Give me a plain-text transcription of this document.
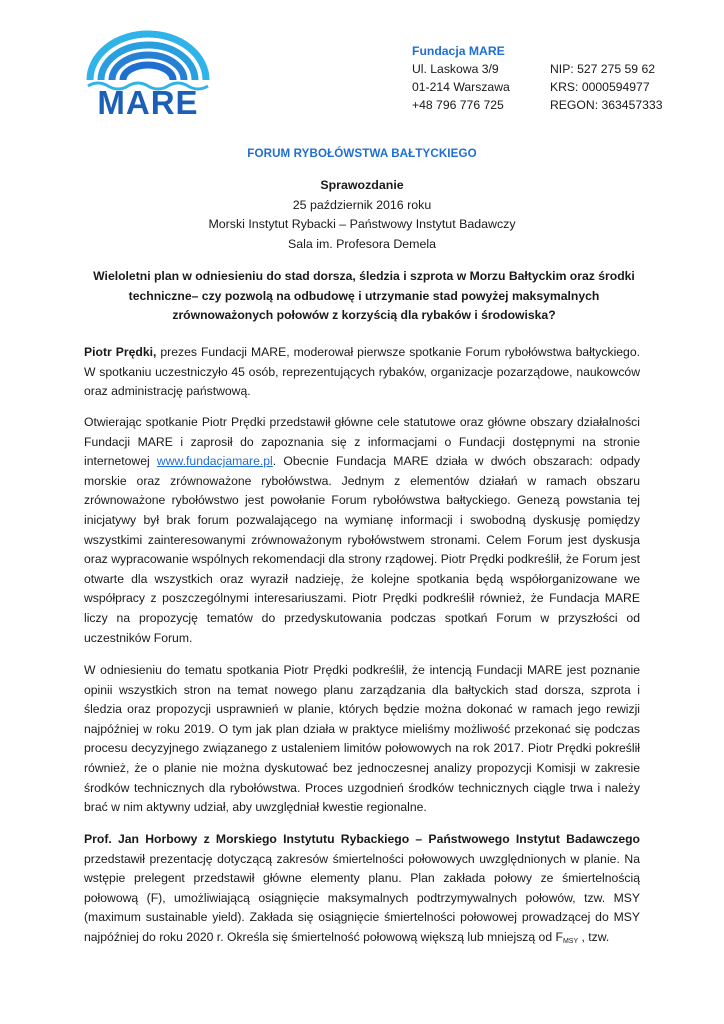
MARE
Fundacja MARE
Ul. Laskowa 3/9
01-214 Warszawa
+48 796 776 725
NIP: 527 275 59 62
KRS: 0000594977
REGON: 363457333
FORUM RYBOŁÓWSTWA BAŁTYCKIEGO
Sprawozdanie
25 październik 2016 roku
Morski Instytut Rybacki – Państwowy Instytut Badawczy
Sala im. Profesora Demela
Wieloletni plan w odniesieniu do stad dorsza, śledzia i szprota w Morzu Bałtyckim oraz środki techniczne– czy pozwolą na odbudowę i utrzymanie stad powyżej maksymalnych zrównoważonych połowów z korzyścią dla rybaków i środowiska?

Piotr Prędki, prezes Fundacji MARE, moderował pierwsze spotkanie Forum rybołówstwa bałtyckiego. W spotkaniu uczestniczyło 45 osób, reprezentujących rybaków, organizacje pozarządowe, naukowców oraz administrację państwową.

Otwierając spotkanie Piotr Prędki przedstawił główne cele statutowe oraz główne obszary działalności Fundacji MARE i zaprosił do zapoznania się z informacjami o Fundacji dostępnymi na stronie internetowej www.fundacjamare.pl. Obecnie Fundacja MARE działa w dwóch obszarach: odpady morskie oraz zrównoważone rybołówstwa. Jednym z elementów działań w ramach obszaru zrównoważone rybołówstwo jest powołanie Forum rybołówstwa bałtyckiego. Genezą powstania tej inicjatywy był brak forum pozwalającego na wymianę informacji i swobodną dyskusję pomiędzy wszystkimi zainteresowanymi zrównoważonym rybołówstwem stronami. Celem Forum jest dyskusja oraz wypracowanie wspólnych rekomendacji dla strony rządowej. Piotr Prędki podkreślił, że Forum jest otwarte dla wszystkich oraz wyraził nadzieję, że kolejne spotkania będą współorganizowane we współpracy z poszczególnymi interesariuszami. Piotr Prędki podkreślił również, że Fundacja MARE liczy na propozycję tematów do przedyskutowania podczas spotkań Forum w przyszłości od uczestników Forum.

W odniesieniu do tematu spotkania Piotr Prędki podkreślił, że intencją Fundacji MARE jest poznanie opinii wszystkich stron na temat nowego planu zarządzania dla bałtyckich stad dorsza, szprota i śledzia oraz propozycji usprawnień w planie, których będzie można dokonać w ramach jego rewizji najpóźniej w roku 2019. O tym jak plan działa w praktyce mieliśmy możliwość przekonać się podczas procesu decyzyjnego związanego z ustaleniem limitów połowowych na rok 2017. Piotr Prędki pokreślił również, że o planie nie można dyskutować bez jednoczesnej analizy propozycji Komisji w zakresie środków technicznych dla rybołówstwa. Proces uzgodnień środków technicznych ciągle trwa i należy brać w nim aktywny udział, aby uwzględniał kwestie regionalne.

Prof. Jan Horbowy z Morskiego Instytutu Rybackiego – Państwowego Instytut Badawczego przedstawił prezentację dotyczącą zakresów śmiertelności połowowych uwzględnionych w planie. Na wstępie prelegent przedstawił główne elementy planu. Plan zakłada połowy ze śmiertelnością połowową (F), umożliwiającą osiągnięcie maksymalnych podtrzymywalnych połowów, tzw. MSY (maximum sustainable yield). Zakłada się osiągnięcie śmiertelności połowowej prowadzącej do MSY najpóźniej do roku 2020 r. Określa się śmiertelność połowową większą lub mniejszą od $F_{MSY}$ , tzw.
